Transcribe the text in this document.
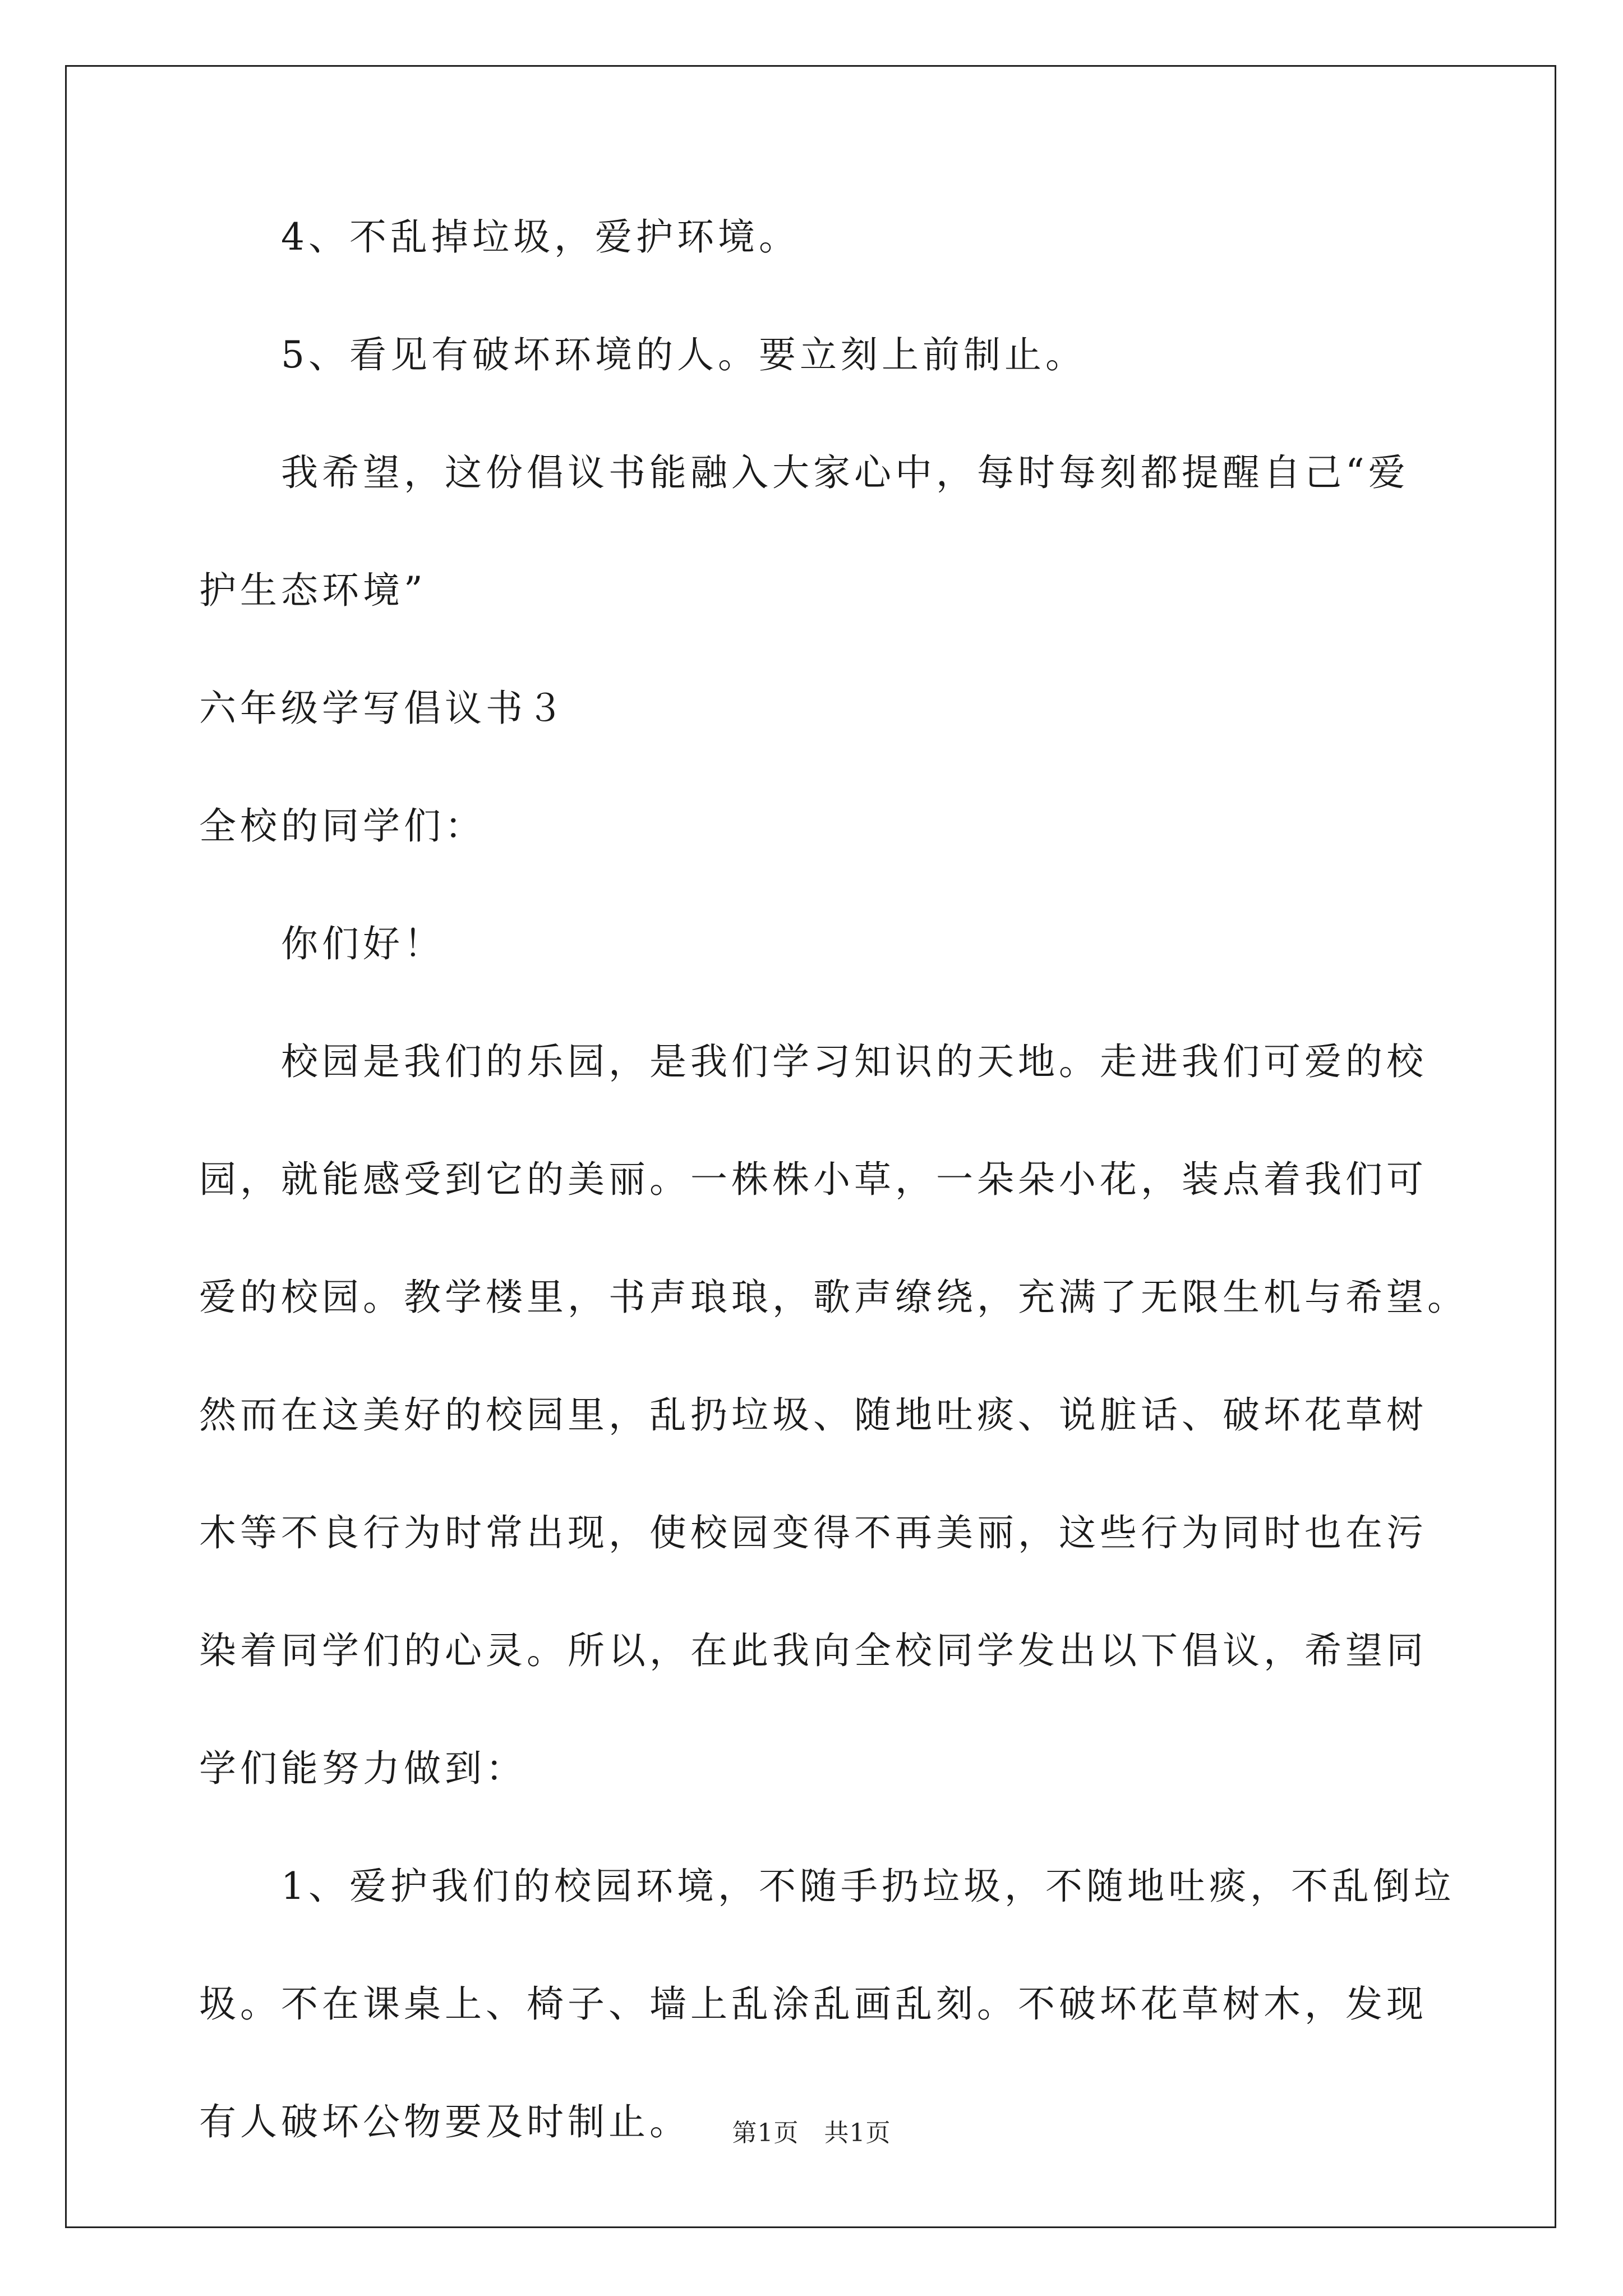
4、不乱掉垃圾，爱护环境。

5、看见有破坏环境的人。要立刻上前制止。

我希望，这份倡议书能融入大家心中，每时每刻都提醒自己“爱

护生态环境”

六年级学写倡议书３

全校的同学们：

你们好！

校园是我们的乐园，是我们学习知识的天地。走进我们可爱的校

园，就能感受到它的美丽。一株株小草，一朵朵小花，装点着我们可

爱的校园。教学楼里，书声琅琅，歌声缭绕，充满了无限生机与希望。

然而在这美好的校园里，乱扔垃圾、随地吐痰、说脏话、破坏花草树

木等不良行为时常出现，使校园变得不再美丽，这些行为同时也在污

染着同学们的心灵。所以，在此我向全校同学发出以下倡议，希望同

学们能努力做到：

1、爱护我们的校园环境，不随手扔垃圾，不随地吐痰，不乱倒垃

圾。不在课桌上、椅子、墙上乱涂乱画乱刻。不破坏花草树木，发现

有人破坏公物要及时制止。	第1页　共1页
